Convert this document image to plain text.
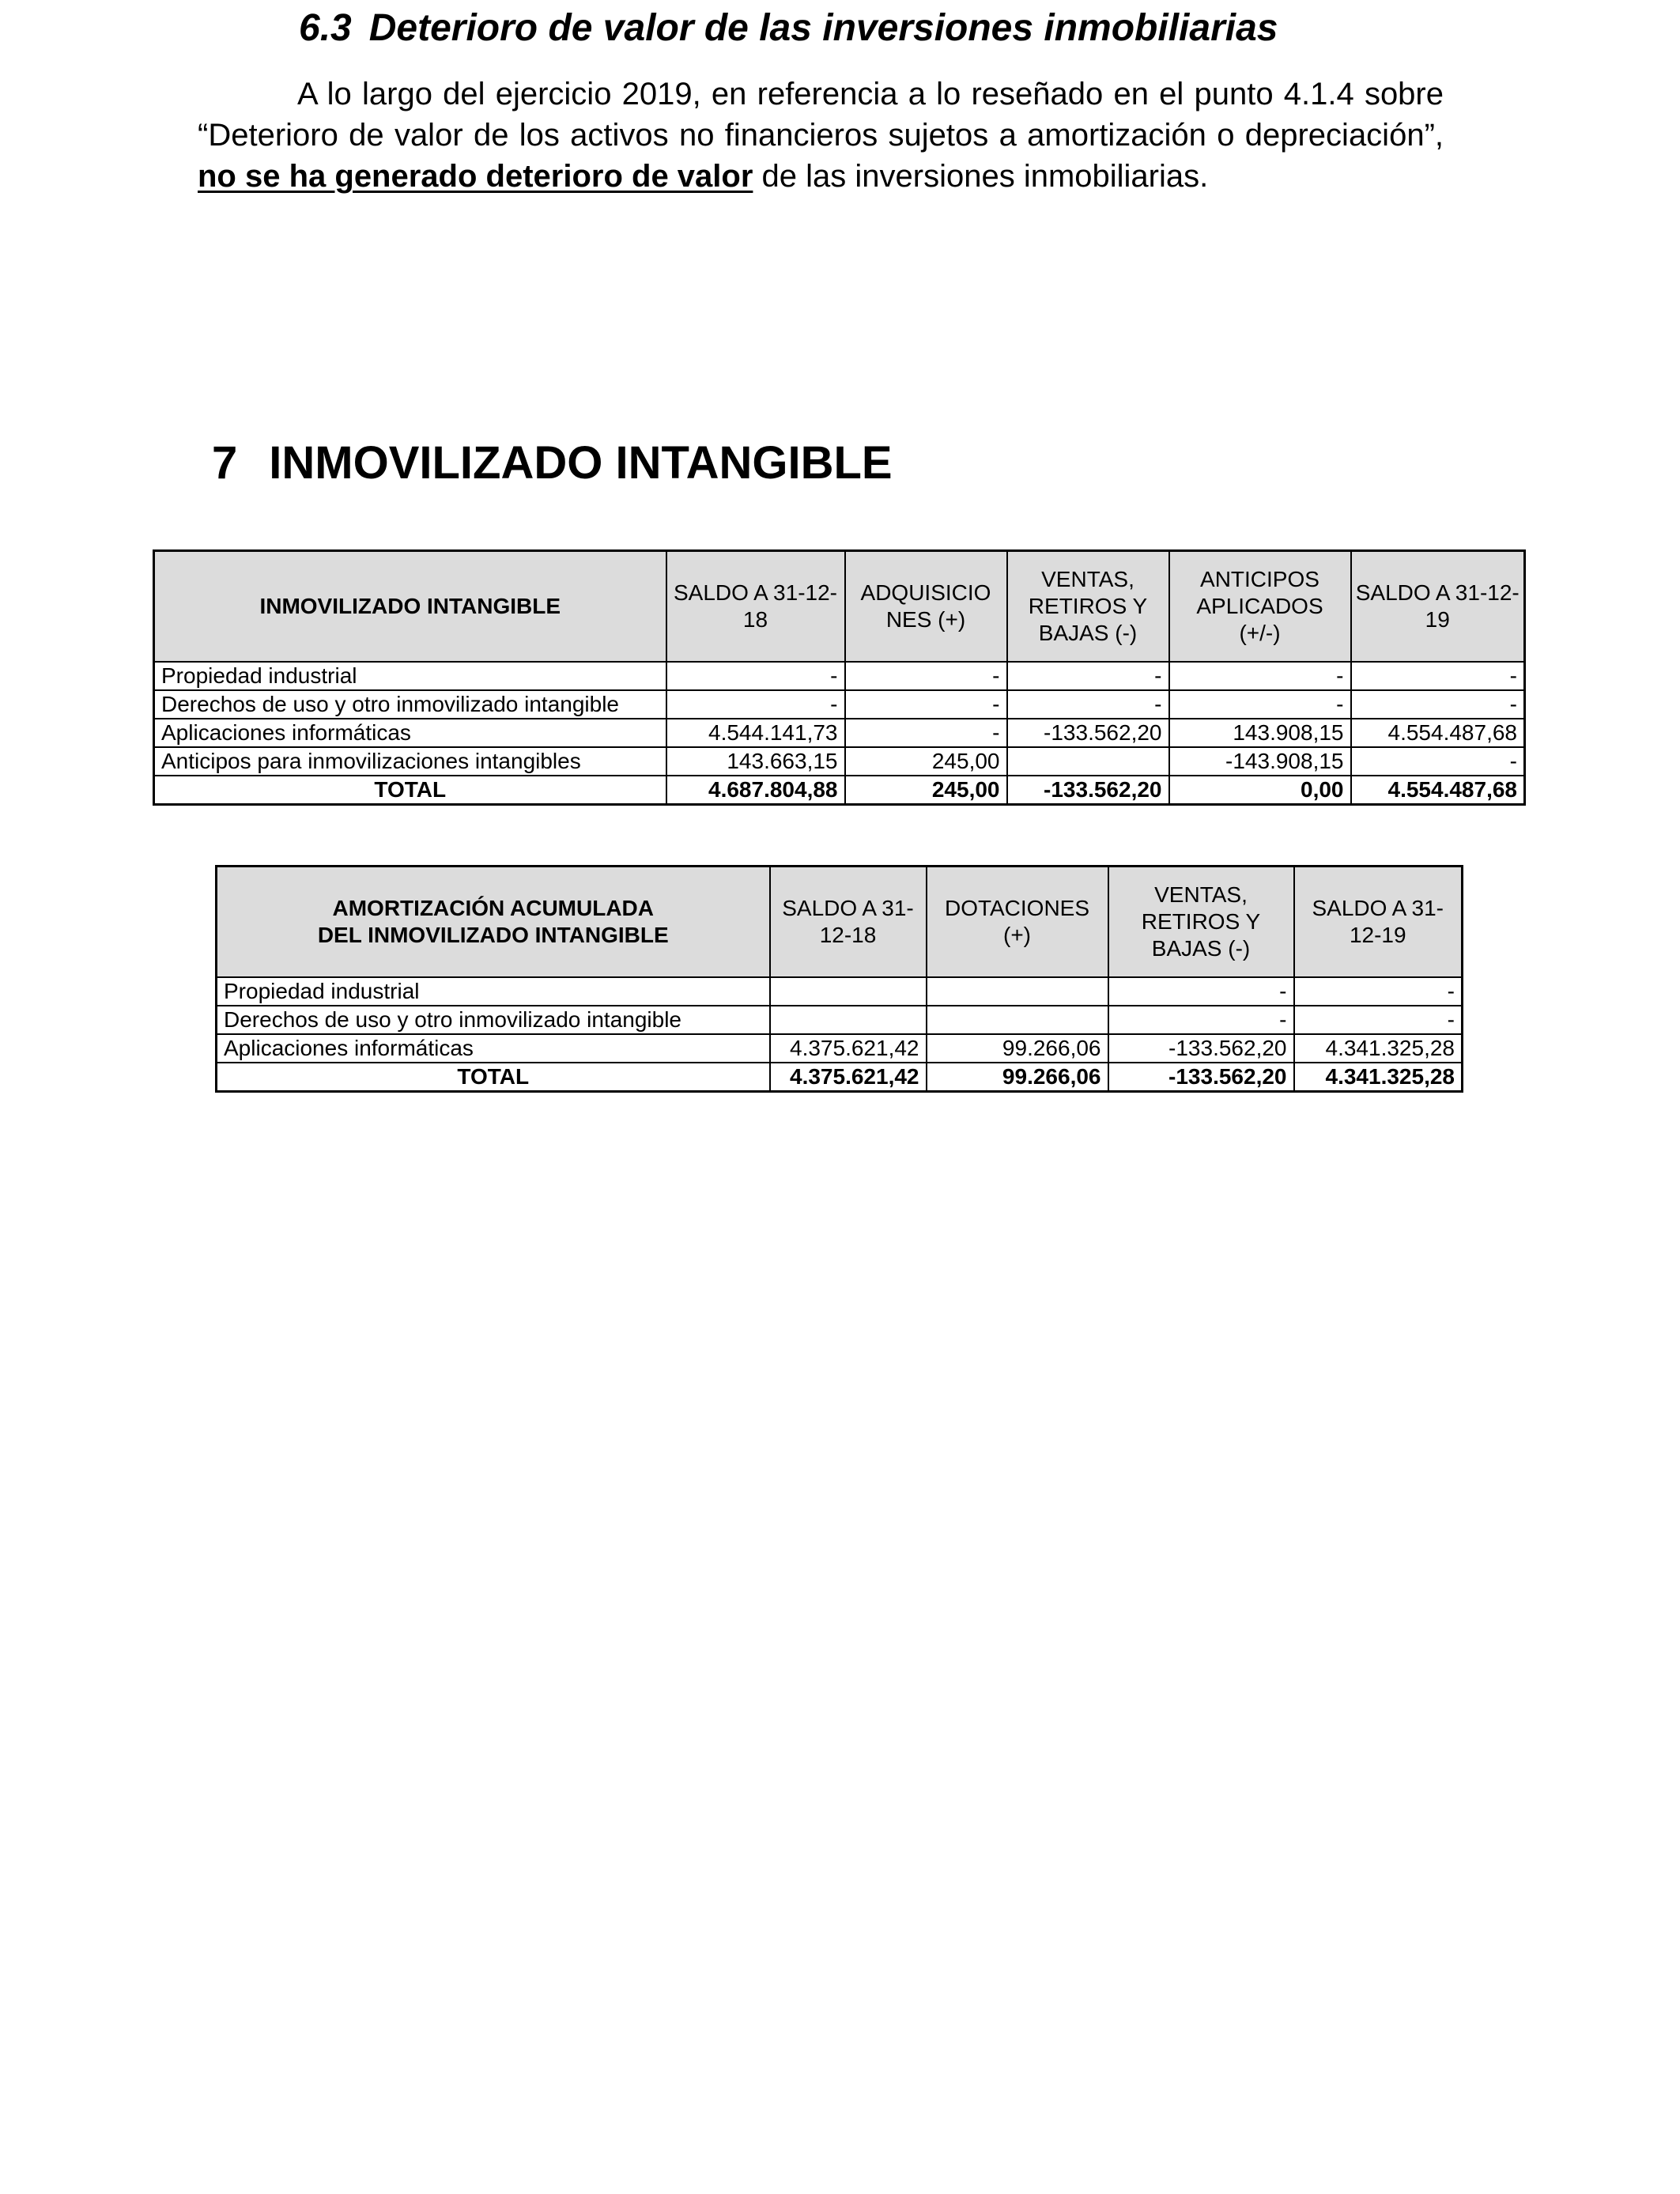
6.3 Deterioro de valor de las inversiones inmobiliarias

A lo largo del ejercicio 2019, en referencia a lo reseñado en el punto 4.1.4 sobre “Deterioro de valor de los activos no financieros sujetos a amortización o depreciación”, no se ha generado deterioro de valor de las inversiones inmobiliarias.

7 INMOVILIZADO INTANGIBLE
INMOVILIZADO INTANGIBLE	SALDO A 31-12-18	ADQUISICIO NES (+)	VENTAS, RETIROS Y BAJAS (-)	ANTICIPOS APLICADOS (+/-)	SALDO A 31-12-19
Propiedad industrial	-	-	-	-	-
Derechos de uso y otro inmovilizado intangible	-	-	-	-	-
Aplicaciones informáticas	4.544.141,73	-	-133.562,20	143.908,15	4.554.487,68
Anticipos para inmovilizaciones intangibles	143.663,15	245,00		-143.908,15	-
TOTAL	4.687.804,88	245,00	-133.562,20	0,00	4.554.487,68
AMORTIZACIÓN ACUMULADA
DEL INMOVILIZADO INTANGIBLE	SALDO A 31-12-18	DOTACIONES (+)	VENTAS, RETIROS Y BAJAS (-)	SALDO A 31-12-19
Propiedad industrial			-	-
Derechos de uso y otro inmovilizado intangible			-	-
Aplicaciones informáticas	4.375.621,42	99.266,06	-133.562,20	4.341.325,28
TOTAL	4.375.621,42	99.266,06	-133.562,20	4.341.325,28
